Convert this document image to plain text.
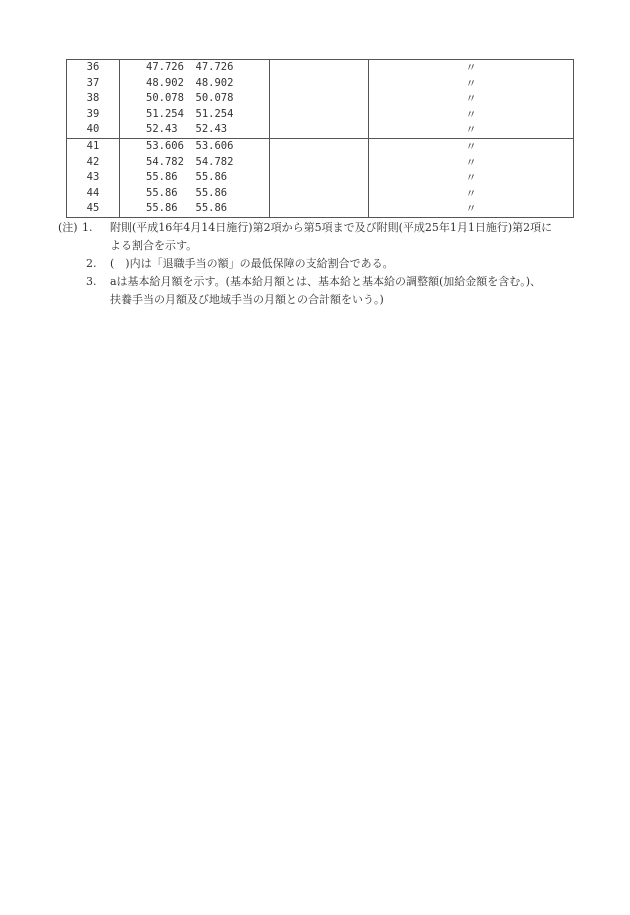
36	47.726	47.726		〃
37	48.902	48.902		〃
38	50.078	50.078		〃
39	51.254	51.254		〃
40	52.43	52.43		〃
41	53.606	53.606		〃
42	54.782	54.782		〃
43	55.86	55.86		〃
44	55.86	55.86		〃
45	55.86	55.86		〃
(注) 1.	附則(平成16年4月14日施行)第2項から第5項まで及び附則(平成25年1月1日施行)第2項に
よる割合を示す。
2.	(　)内は「退職手当の額」の最低保障の支給割合である。
3.	aは基本給月額を示す。(基本給月額とは、基本給と基本給の調整額(加給金額を含む。)、
扶養手当の月額及び地域手当の月額との合計額をいう。)
